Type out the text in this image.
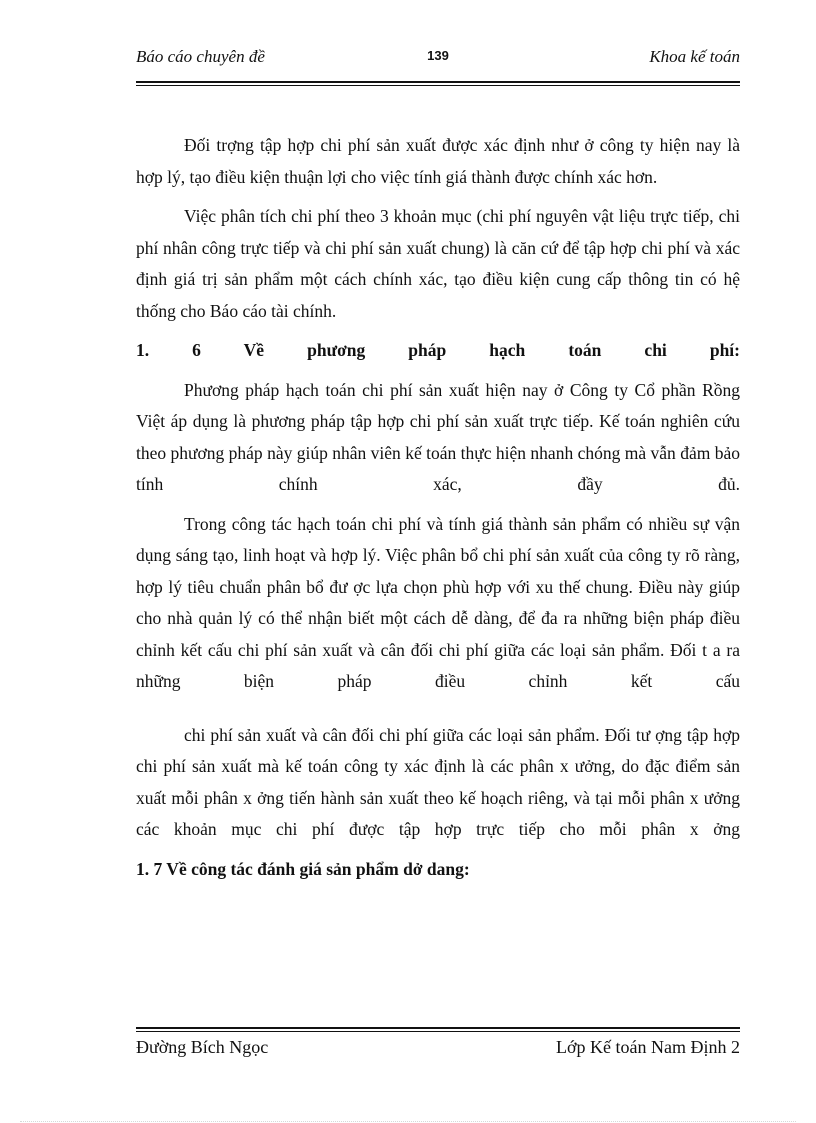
Báo cáo chuyên đề	139	Khoa kế toán

Đối trợng tập hợp chi phí sản xuất được xác định như ở công ty hiện nay là hợp lý, tạo điều kiện thuận lợi cho việc tính giá thành được chính xác hơn.

Việc phân tích chi phí theo 3 khoản mục (chi phí nguyên vật liệu trực tiếp, chi phí nhân công trực tiếp và chi phí sản xuất chung) là căn cứ để tập hợp chi phí và xác định giá trị sản phẩm một cách chính xác, tạo điều kiện cung cấp thông tin có hệ thống cho Báo cáo tài chính.

1. 6 Về phương pháp hạch toán chi phí:

Phương pháp hạch toán chi phí sản xuất hiện nay ở Công ty Cổ phần Rồng Việt áp dụng là phương pháp tập hợp chi phí sản xuất trực tiếp. Kế toán nghiên cứu theo phương pháp này giúp nhân viên kế toán thực hiện nhanh chóng mà vẫn đảm bảo tính chính xác, đầy đủ.

Trong công tác hạch toán chi phí và tính giá thành sản phẩm có nhiều sự vận dụng sáng tạo, linh hoạt và hợp lý. Việc phân bổ chi phí sản xuất của công ty rõ ràng, hợp lý tiêu chuẩn phân bổ đư ợc lựa chọn phù hợp với xu thế chung. Điều này giúp cho nhà quản lý có thể nhận biết một cách dễ dàng, để đa ra những biện pháp điều chỉnh kết cấu chi phí sản xuất và cân đối chi phí giữa các loại sản phẩm. Đối t a ra những biện pháp điều chỉnh kết cấu

chi phí sản xuất và cân đối chi phí giữa các loại sản phẩm. Đối tư ợng tập hợp chi phí sản xuất mà kế toán công ty xác định là các phân x ưởng, do đặc điểm sản xuất mỗi phân x ởng tiến hành sản xuất theo kế hoạch riêng, và tại mỗi phân x ưởng các khoản mục chi phí được tập hợp trực tiếp cho mỗi phân x ởng

1. 7 Về công tác đánh giá sản phẩm dở dang:

Đường Bích Ngọc	Lớp Kế toán Nam Định 2
